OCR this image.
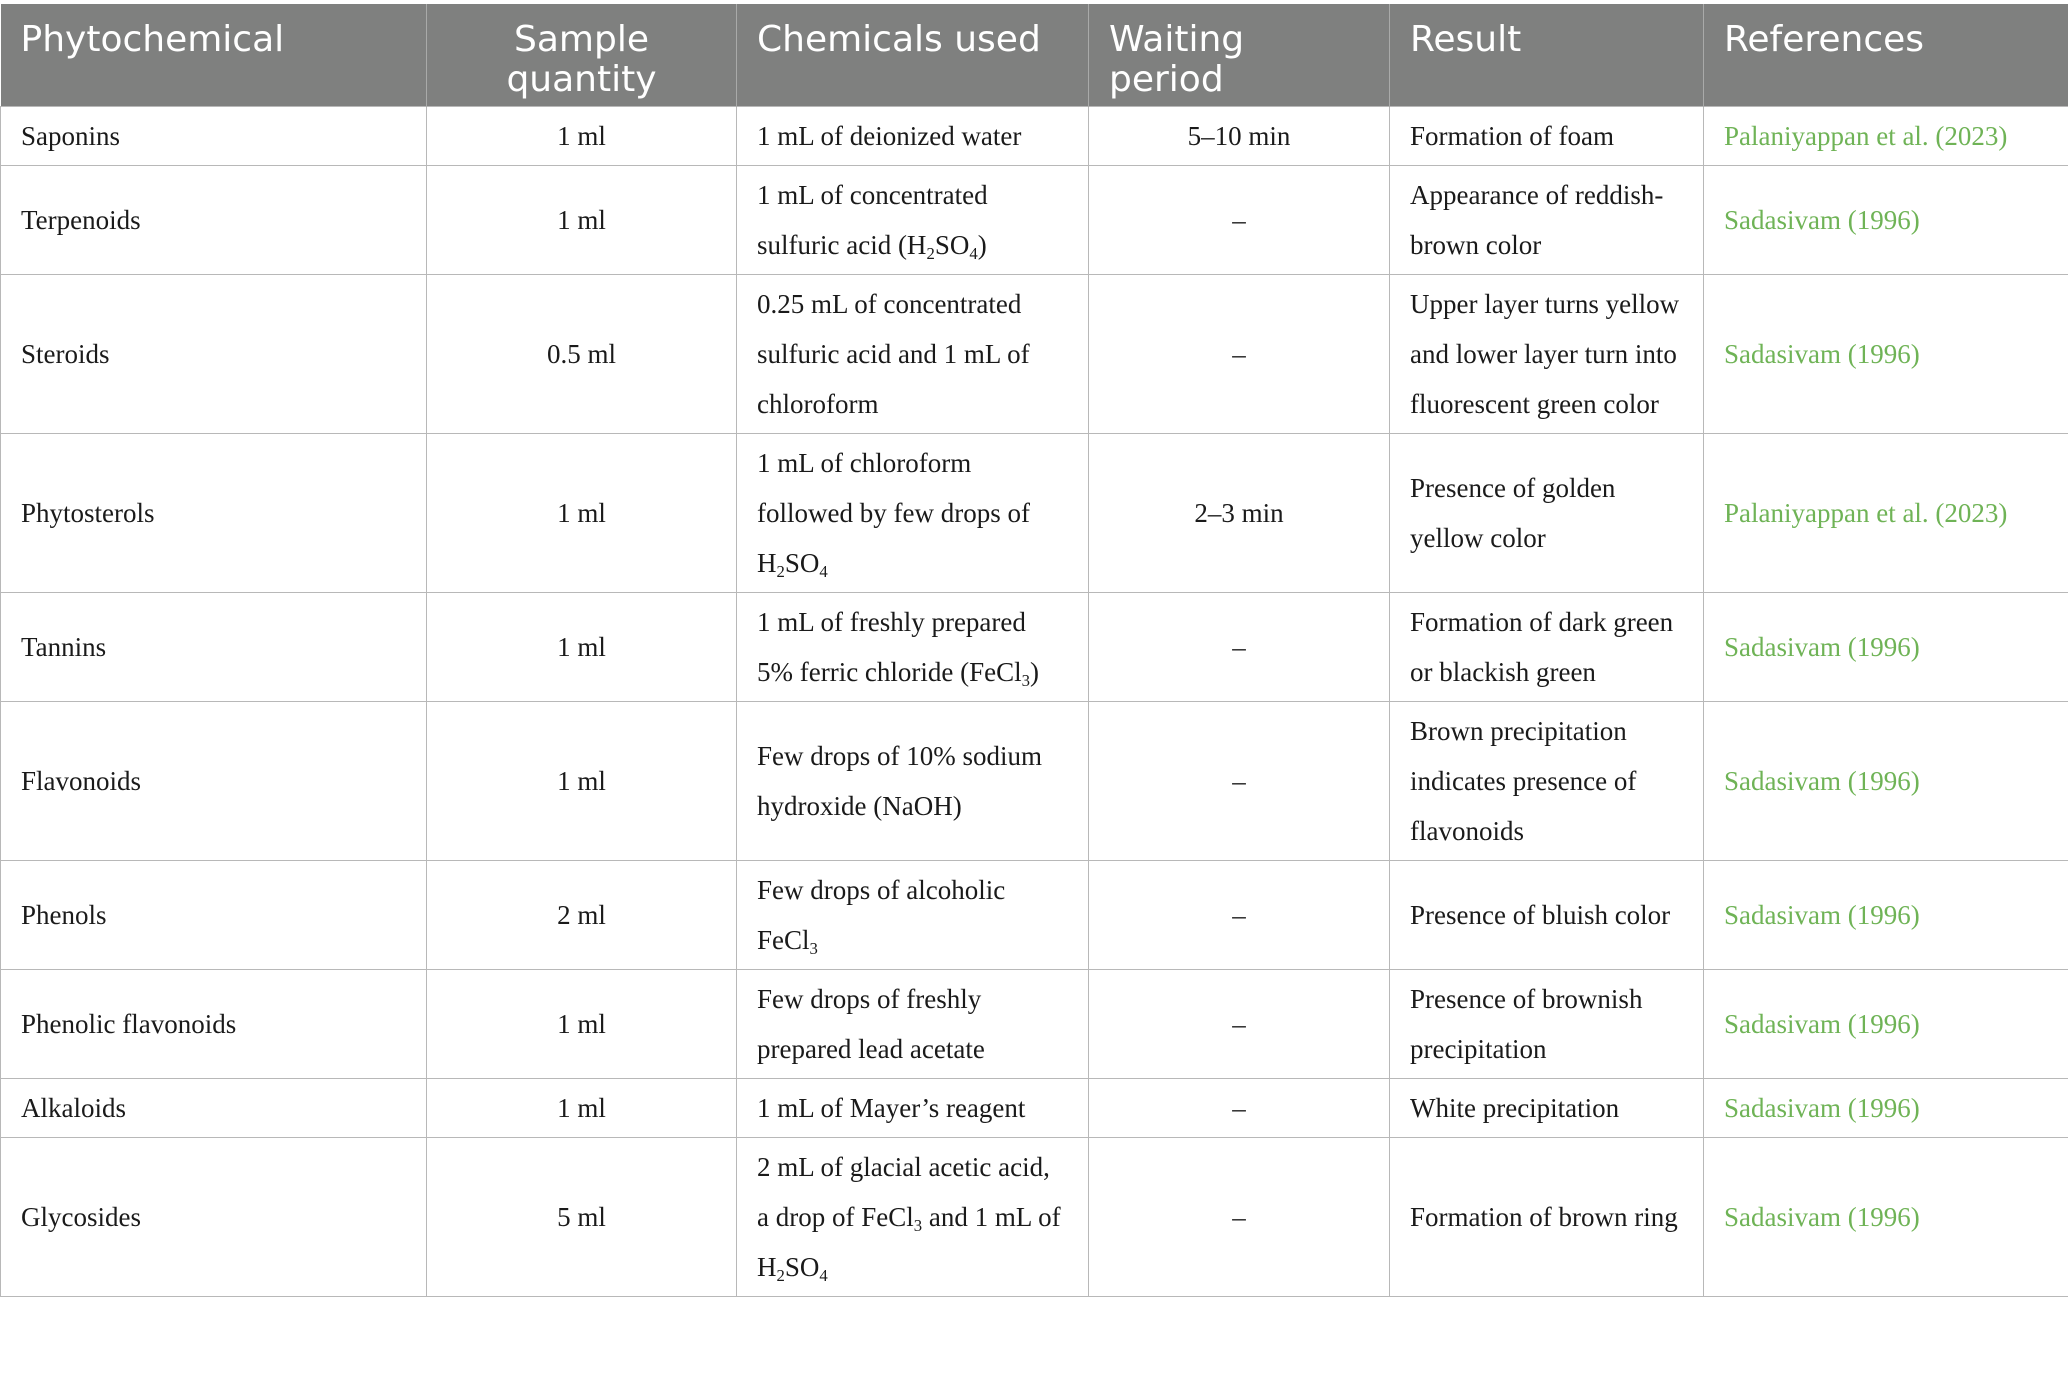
Phytochemical	Sample quantity	Chemicals used	Waiting period	Result	References
Saponins	1 ml	1 mL of deionized water	5–10 min	Formation of foam	Palaniyappan et al. (2023)
Terpenoids	1 ml	1 mL of concentrated sulfuric acid $(H_2SO_4)$	–	Appearance of reddish-brown color	Sadasivam (1996)
Steroids	0.5 ml	0.25 mL of concentrated sulfuric acid and 1 mL of chloroform	–	Upper layer turns yellow and lower layer turn into fluorescent green color	Sadasivam (1996)
Phytosterols	1 ml	1 mL of chloroform followed by few drops of $H_2SO_4$	2–3 min	Presence of golden yellow color	Palaniyappan et al. (2023)
Tannins	1 ml	1 mL of freshly prepared 5% ferric chloride (FeCl$_3$)	–	Formation of dark green or blackish green	Sadasivam (1996)
Flavonoids	1 ml	Few drops of 10% sodium hydroxide (NaOH)	–	Brown precipitation indicates presence of flavonoids	Sadasivam (1996)
Phenols	2 ml	Few drops of alcoholic FeCl$_3$	–	Presence of bluish color	Sadasivam (1996)
Phenolic flavonoids	1 ml	Few drops of freshly prepared lead acetate	–	Presence of brownish precipitation	Sadasivam (1996)
Alkaloids	1 ml	1 mL of Mayer’s reagent	–	White precipitation	Sadasivam (1996)
Glycosides	5 ml	2 mL of glacial acetic acid, a drop of FeCl$_3$ and 1 mL of $H_2SO_4$	–	Formation of brown ring	Sadasivam (1996)
